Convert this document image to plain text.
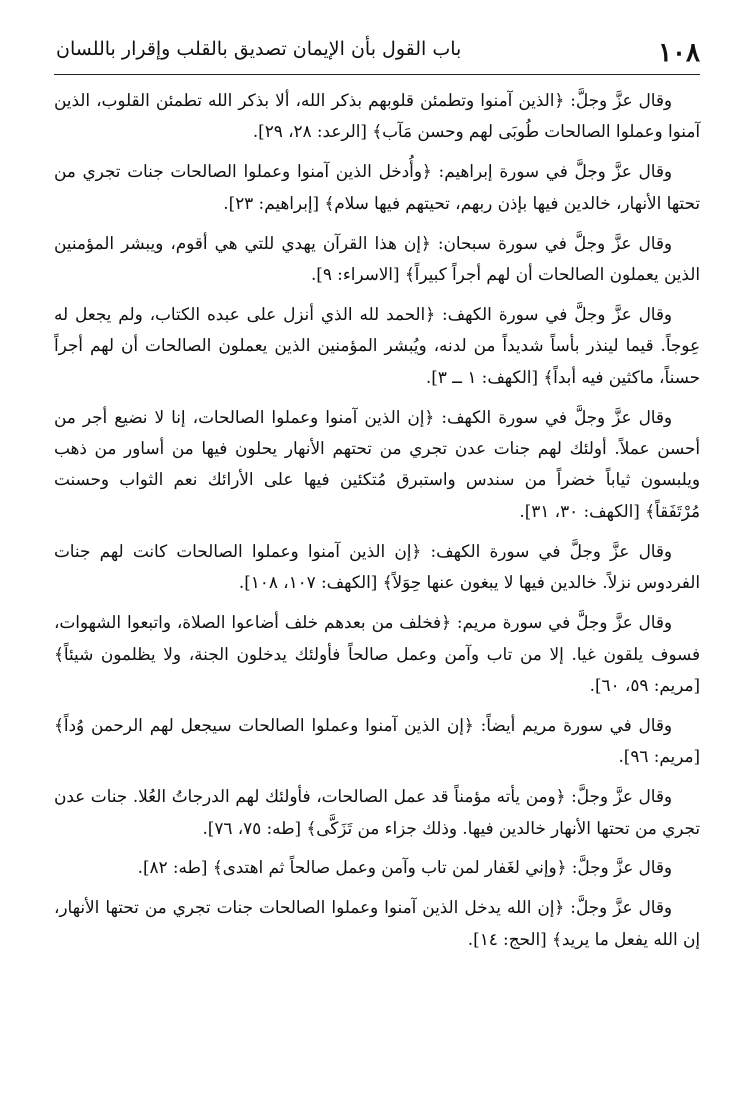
١٠٨
باب القول بأن الإيمان تصديق بالقلب وإقرار باللسان

وقال عزَّ وجلَّ: ﴿الذين آمنوا وتطمئن قلوبهم بذكر الله، ألا بذكر الله تطمئن القلوب، الذين آمنوا وعملوا الصالحات طُوبَى لهم وحسن مَآب﴾ [الرعد: ٢٨، ٢٩].

وقال عزَّ وجلَّ في سورة إبراهيم: ﴿وأُدخل الذين آمنوا وعملوا الصالحات جنات تجري من تحتها الأنهار، خالدين فيها بإذن ربهم، تحيتهم فيها سلام﴾ [إبراهيم: ٢٣].

وقال عزَّ وجلَّ في سورة سبحان: ﴿إن هذا القرآن يهدي للتي هي أقوم، ويبشر المؤمنين الذين يعملون الصالحات أن لهم أجراً كبيراً﴾ [الاسراء: ٩].

وقال عزَّ وجلَّ في سورة الكهف: ﴿الحمد لله الذي أنزل على عبده الكتاب، ولم يجعل له عِوجاً. قيما لينذر بأساً شديداً من لدنه، ويُبشر المؤمنين الذين يعملون الصالحات أن لهم أجراً حسناً، ماكثين فيه أبداً﴾ [الكهف: ١ ــ ٣].

وقال عزَّ وجلَّ في سورة الكهف: ﴿إن الذين آمنوا وعملوا الصالحات، إنا لا نضيع أجر من أحسن عملاً. أولئك لهم جنات عدن تجري من تحتهم الأنهار يحلون فيها من أساور من ذهب ويلبسون ثياباً خضراً من سندس واستبرق مُتكئين فيها على الأرائك نعم الثواب وحسنت مُرْتَفَقاً﴾ [الكهف: ٣٠، ٣١].

وقال عزَّ وجلَّ في سورة الكهف: ﴿إن الذين آمنوا وعملوا الصالحات كانت لهم جنات الفردوس نزلاً. خالدين فيها لا يبغون عنها حِوَلاً﴾ [الكهف: ١٠٧، ١٠٨].

وقال عزَّ وجلَّ في سورة مريم: ﴿فخلف من بعدهم خلف أضاعوا الصلاة، واتبعوا الشهوات، فسوف يلقون غيا. إلا من تاب وآمن وعمل صالحاً فأولئك يدخلون الجنة، ولا يظلمون شيئاً﴾ [مريم: ٥٩، ٦٠].

وقال في سورة مريم أيضاً: ﴿إن الذين آمنوا وعملوا الصالحات سيجعل لهم الرحمن وُداً﴾ [مريم: ٩٦].

وقال عزَّ وجلَّ: ﴿ومن يأته مؤمناً قد عمل الصالحات، فأولئك لهم الدرجاتُ العُلا. جنات عدن تجري من تحتها الأنهار خالدين فيها. وذلك جزاء من تَزَكَّى﴾ [طه: ٧٥، ٧٦].

وقال عزَّ وجلَّ: ﴿وإني لغَفار لمن تاب وآمن وعمل صالحاً ثم اهتدى﴾ [طه: ٨٢].

وقال عزَّ وجلَّ: ﴿إن الله يدخل الذين آمنوا وعملوا الصالحات جنات تجري من تحتها الأنهار، إن الله يفعل ما يريد﴾ [الحج: ١٤].
